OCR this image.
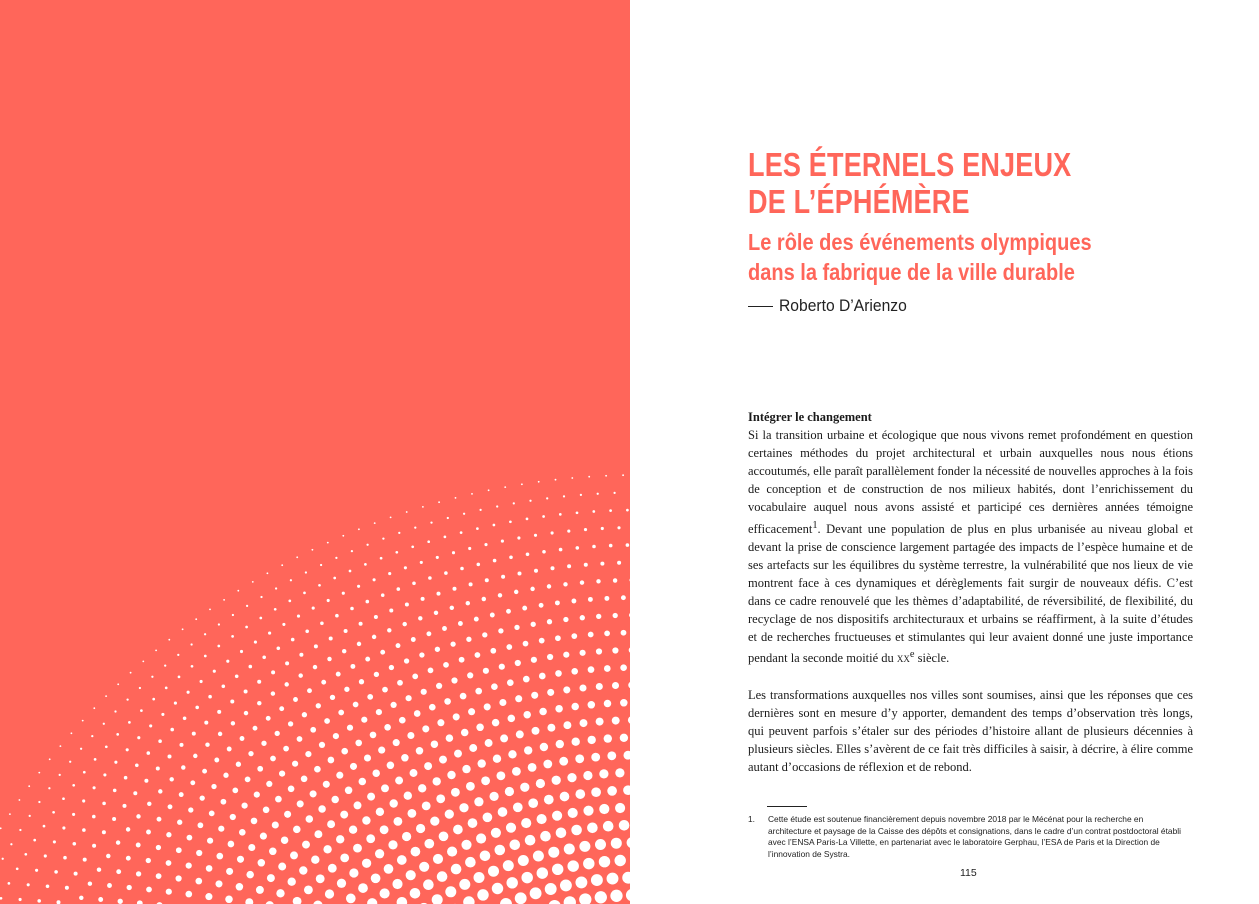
LES ÉTERNELS ENJEUX
DE L’ÉPHÉMÈRE
Le rôle des événements olympiques
dans la fabrique de la ville durable
Roberto D’Arienzo

Intégrer le changement

Si la transition urbaine et écologique que nous vivons remet profondément en question certaines méthodes du projet architectural et urbain auxquelles nous nous étions accoutumés, elle paraît parallèlement fonder la nécessité de nouvelles approches à la fois de conception et de construction de nos milieux habités, dont l’enrichissement du vocabulaire auquel nous avons assisté et participé ces dernières années témoigne efficacement$^1$. Devant une population de plus en plus urbanisée au niveau global et devant la prise de conscience largement partagée des impacts de l’espèce humaine et de ses artefacts sur les équilibres du système terrestre, la vulnérabilité que nos lieux de vie montrent face à ces dynamiques et dérèglements fait surgir de nouveaux défis. C’est dans ce cadre renouvelé que les thèmes d’adaptabilité, de réversibilité, de flexibilité, du recyclage de nos dispositifs architecturaux et urbains se réaffirment, à la suite d’études et de recherches fructueuses et stimulantes qui leur avaient donné une juste importance pendant la seconde moitié du $xx^e$ siècle.

Les transformations auxquelles nos villes sont soumises, ainsi que les réponses que ces dernières sont en mesure d’y apporter, demandent des temps d’observation très longs, qui peuvent parfois s’étaler sur des périodes d’histoire allant de plusieurs décennies à plusieurs siècles. Elles s’avèrent de ce fait très difficiles à saisir, à décrire, à élire comme autant d’occasions de réflexion et de rebond.

1.	Cette étude est soutenue financièrement depuis novembre 2018 par le Mécénat pour la recherche en architecture et paysage de la Caisse des dépôts et consignations, dans le cadre d’un contrat postdoctoral établi avec l’ENSA Paris-La Villette, en partenariat avec le laboratoire Gerphau, l’ESA de Paris et la Direction de l’innovation de Systra.
115
